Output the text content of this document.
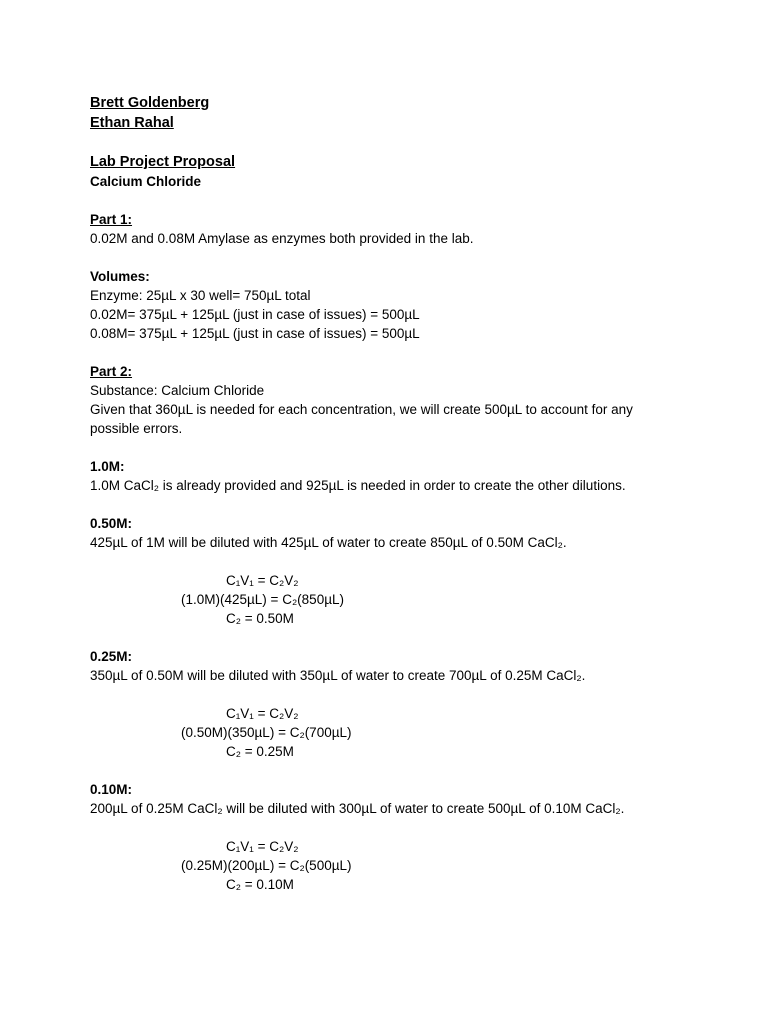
Brett Goldenberg
Ethan Rahal
Lab Project Proposal
Calcium Chloride
Part 1:
0.02M and 0.08M Amylase as enzymes both provided in the lab.
Volumes:
Enzyme: 25µL x 30 well= 750µL total
0.02M= 375µL + 125µL (just in case of issues) = 500µL
0.08M= 375µL + 125µL (just in case of issues) = 500µL
Part 2:
Substance: Calcium Chloride
Given that 360µL is needed for each concentration, we will create 500µL to account for any possible errors.
1.0M:
1.0M CaCl₂ is already provided and 925µL is needed in order to create the other dilutions.
0.50M:
425µL of 1M will be diluted with 425µL of water to create 850µL of 0.50M CaCl₂.
C₁V₁ = C₂V₂
(1.0M)(425µL) = C₂(850µL)
C₂ = 0.50M
0.25M:
350µL of 0.50M will be diluted with 350µL of water to create 700µL of 0.25M CaCl₂.
C₁V₁ = C₂V₂
(0.50M)(350µL) = C₂(700µL)
C₂ = 0.25M
0.10M:
200µL of 0.25M CaCl₂ will be diluted with 300µL of water to create 500µL of 0.10M CaCl₂.
C₁V₁ = C₂V₂
(0.25M)(200µL) = C₂(500µL)
C₂ = 0.10M
